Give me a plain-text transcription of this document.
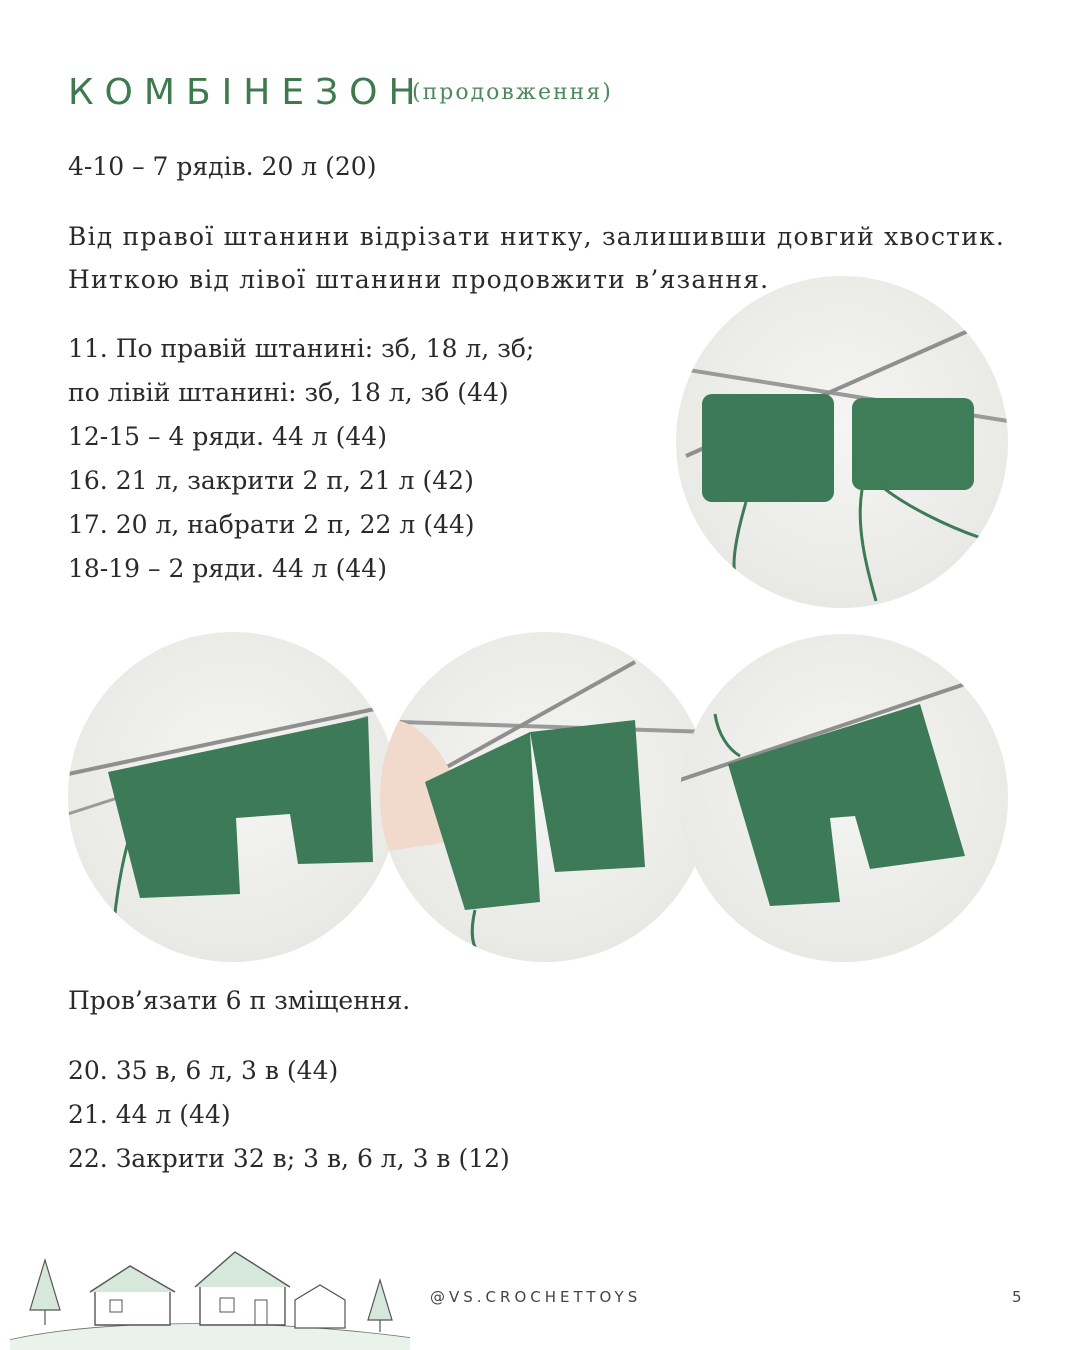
КОМБІНЕЗОН
(продовження)

4-10 – 7 рядів. 20 л (20)

Від правої штанини відрізати нитку, залишивши довгий хвостик.

Ниткою від лівої штанини продовжити в’язання.

11. По правій штанині: зб, 18 л, зб;

по лівій штанині: зб, 18 л, зб (44)

12-15 – 4 ряди. 44 л (44)

16. 21 л, закрити 2 п, 21 л (42)

17. 20 л, набрати 2 п, 22 л (44)

18-19 – 2 ряди. 44 л (44)

Пров’язати 6 п зміщення.

20. 35 в, 6 л, 3 в (44)

21. 44 л (44)

22. Закрити 32 в; 3 в, 6 л, 3 в (12)

@VS.CROCHETTOYS	5
